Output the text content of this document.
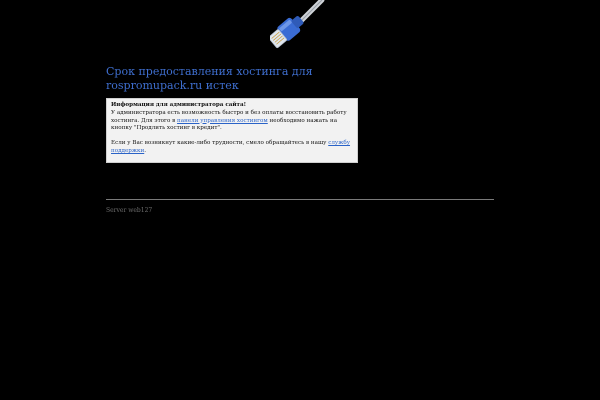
Срок предоставления хостинга для rospromupack.ru истек

Информация для администратора сайта!
У администратора есть возможность быстро и без оплаты восстановить работу хостинга. Для этого в панели управления хостингом необходимо нажать на кнопку "Продлить хостинг в кредит".

Если у Вас возникнут какие-либо трудности, смело обращайтесь в нашу службу поддержки.

Server web127
